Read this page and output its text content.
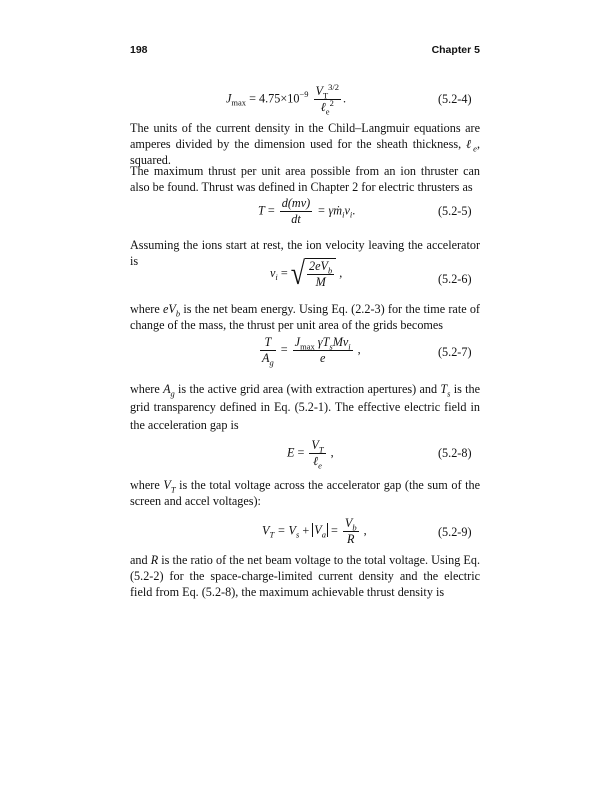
198	Chapter 5
$J_{max} = 4.75\times 10^{-9} \frac{V_T^{3/2}}{\ell_e^2}$ .	(5.2-4)
The units of the current density in the Child–Langmuir equations are amperes divided by the dimension used for the sheath thickness, ℓ$_e$, squared.
The maximum thrust per unit area possible from an ion thruster can also be found. Thrust was defined in Chapter 2 for electric thrusters as
$T = \frac{d(mv)}{dt}$ = $\gamma ṁ_iv_i$.	(5.2-5)
Assuming the ions start at rest, the ion velocity leaving the accelerator is
$v_i$ = √ $\frac{2eV_b}{M}$ ,	(5.2-6)
where $eV_b$ is the net beam energy. Using Eq. (2.2-3) for the time rate of change of the mass, the thrust per unit area of the grids becomes
$\frac{T}{A_g} = \frac{J_{max} \gamma T_sMv_i}{e}$ ,	(5.2-7)
where $A_g$ is the active grid area (with extraction apertures) and $T_s$ is the grid transparency defined in Eq. (5.2-1). The effective electric field in the acceleration gap is
$E = \frac{V_T}{\ell_e}$ ,	(5.2-8)
where $V_T$ is the total voltage across the accelerator gap (the sum of the screen and accel voltages):
$V_T = V_s + V_a = \frac{V_b}{R}$ ,	(5.2-9)
and R is the ratio of the net beam voltage to the total voltage. Using Eq. (5.2-2) for the space-charge-limited current density and the electric field from Eq. (5.2-8), the maximum achievable thrust density is
